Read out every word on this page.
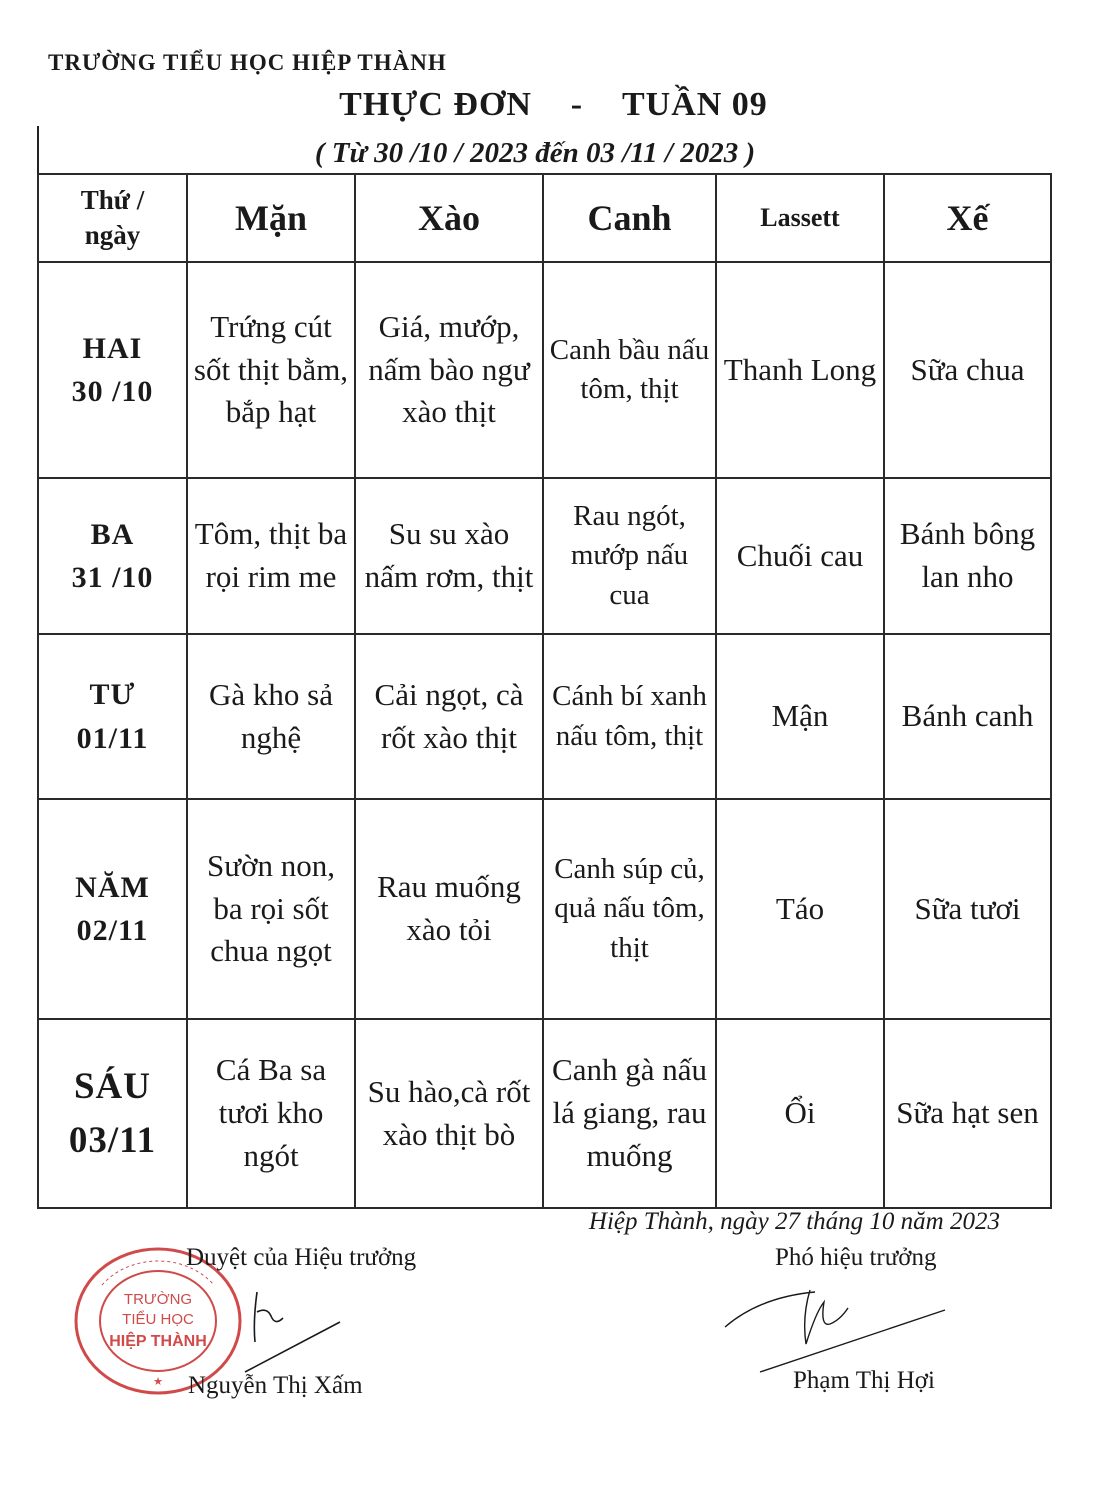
TRƯỜNG TIỂU HỌC HIỆP THÀNH
THỰC ĐƠN - TUẦN 09
( Từ 30 /10 / 2023 đến 03 /11 / 2023 )
Thứ /
ngày	Mặn	Xào	Canh	Lassett	Xế
HAI
30 /10	Trứng cút sốt thịt bằm, bắp hạt	Giá, mướp, nấm bào ngư xào thịt	Canh bầu nấu tôm, thịt	Thanh Long	Sữa chua
BA
31 /10	Tôm, thịt ba rọi rim me	Su su xào nấm rơm, thịt	Rau ngót, mướp nấu cua	Chuối cau	Bánh bông lan nho
TƯ
01/11	Gà kho sả nghệ	Cải ngọt, cà rốt xào thịt	Cánh bí xanh nấu tôm, thịt	Mận	Bánh canh
NĂM
02/11	Sườn non, ba rọi sốt chua ngọt	Rau muống xào tỏi	Canh súp củ, quả nấu tôm, thịt	Táo	Sữa tươi
SÁU
03/11	Cá Ba sa tươi kho ngót	Su hào,cà rốt xào thịt bò	Canh gà nấu lá giang, rau muống	Ổi	Sữa hạt sen
Hiệp Thành, ngày 27 tháng 10 năm 2023
TRƯỜNG
TIỂU HỌC
HIỆP THÀNH
★
Duyệt của Hiệu trưởng
Nguyễn Thị Xấm
Phó hiệu trưởng
Phạm Thị Hợi
